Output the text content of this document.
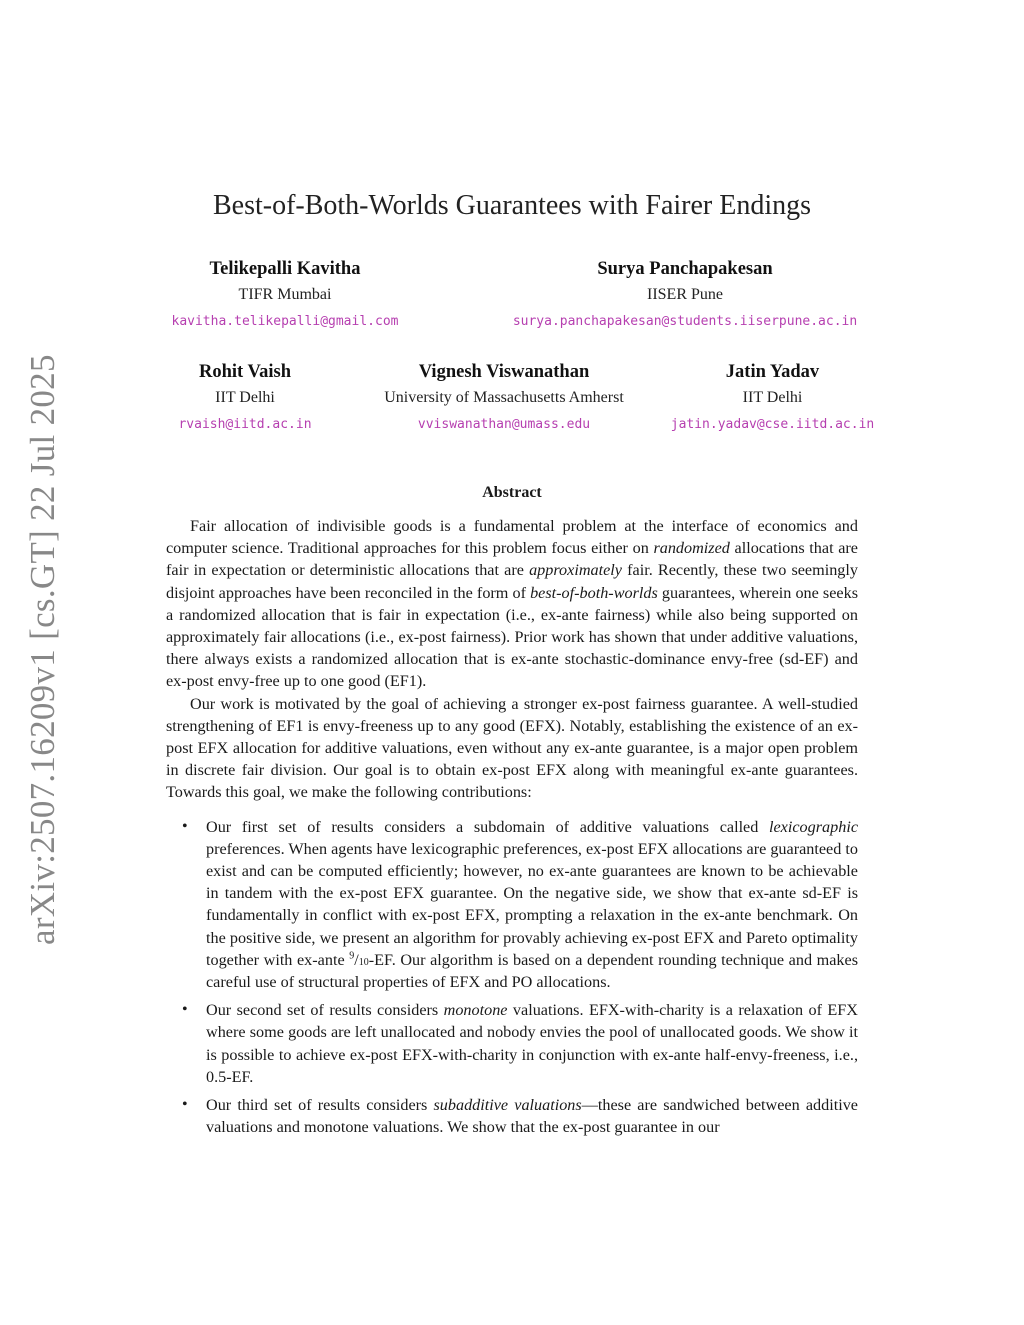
arXiv:2507.16209v1 [cs.GT] 22 Jul 2025
Best-of-Both-Worlds Guarantees with Fairer Endings
Telikepalli Kavitha
TIFR Mumbai
kavitha.telikepalli@gmail.com
Surya Panchapakesan
IISER Pune
surya.panchapakesan@students.iiserpune.ac.in
Rohit Vaish
IIT Delhi
rvaish@iitd.ac.in
Vignesh Viswanathan
University of Massachusetts Amherst
vviswanathan@umass.edu
Jatin Yadav
IIT Delhi
jatin.yadav@cse.iitd.ac.in
Abstract

Fair allocation of indivisible goods is a fundamental problem at the interface of economics and computer science. Traditional approaches for this problem focus either on randomized allocations that are fair in expectation or deterministic allocations that are approximately fair. Recently, these two seemingly disjoint approaches have been reconciled in the form of best-of-both-worlds guarantees, wherein one seeks a randomized allocation that is fair in expectation (i.e., ex-ante fairness) while also being supported on approximately fair allocations (i.e., ex-post fairness). Prior work has shown that under additive valuations, there always exists a randomized allocation that is ex-ante stochastic-dominance envy-free (sd-EF) and ex-post envy-free up to one good (EF1).

Our work is motivated by the goal of achieving a stronger ex-post fairness guarantee. A well-studied strengthening of EF1 is envy-freeness up to any good (EFX). Notably, establishing the existence of an ex-post EFX allocation for additive valuations, even without any ex-ante guarantee, is a major open problem in discrete fair division. Our goal is to obtain ex-post EFX along with meaningful ex-ante guarantees. Towards this goal, we make the following contributions:

• Our first set of results considers a subdomain of additive valuations called lexicographic preferences. When agents have lexicographic preferences, ex-post EFX allocations are guaranteed to exist and can be computed efficiently; however, no ex-ante guarantees are known to be achievable in tandem with the ex-post EFX guarantee. On the negative side, we show that ex-ante sd-EF is fundamentally in conflict with ex-post EFX, prompting a relaxation in the ex-ante benchmark. On the positive side, we present an algorithm for provably achieving ex-post EFX and Pareto optimality together with ex-ante $^9$/10-EF. Our algorithm is based on a dependent rounding technique and makes careful use of structural properties of EFX and PO allocations.
• Our second set of results considers monotone valuations. EFX-with-charity is a relaxation of EFX where some goods are left unallocated and nobody envies the pool of unallocated goods. We show it is possible to achieve ex-post EFX-with-charity in conjunction with ex-ante half-envy-freeness, i.e., 0.5-EF.
• Our third set of results considers subadditive valuations—these are sandwiched between additive valuations and monotone valuations. We show that the ex-post guarantee in our
